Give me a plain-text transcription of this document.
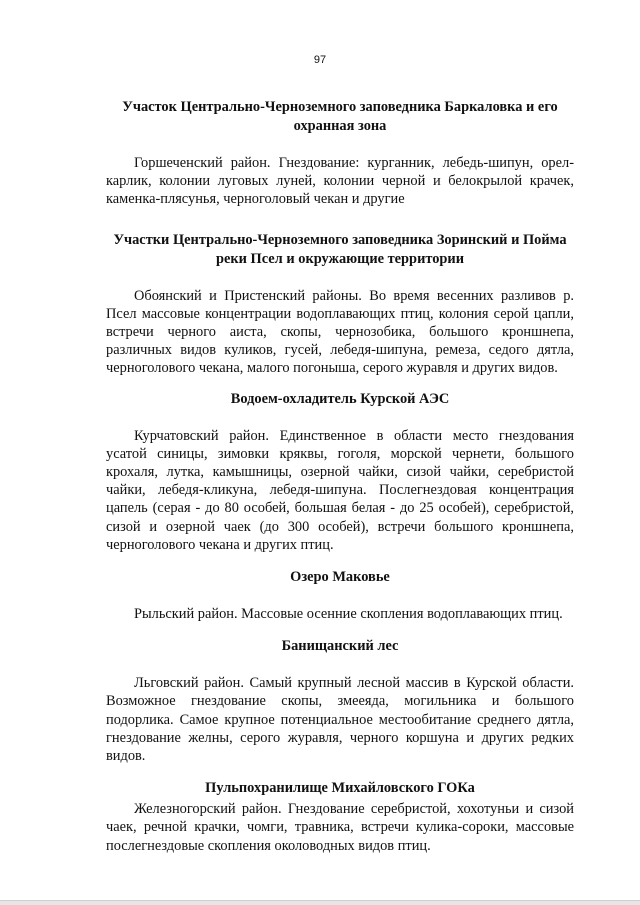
97
Участок Центрально-Черноземного заповедника Баркаловка и его охранная зона

Горшеченский район. Гнездование: курганник, лебедь-шипун, орел-карлик, колонии луговых луней, колонии черной и белокрылой крачек, каменка-плясунья, черноголовый чекан и другие

Участки Центрально-Черноземного заповедника Зоринский и Пойма реки Псел и окружающие территории

Обоянский и Пристенский районы. Во время весенних разливов р. Псел массовые концентрации водоплавающих птиц, колония серой цапли, встречи черного аиста, скопы, чернозобика, большого кроншнепа, различных видов куликов, гусей, лебедя-шипуна, ремеза, седого дятла, черноголового чекана, малого погоныша, серого журавля и других видов.

Водоем-охладитель Курской АЭС

Курчатовский район. Единственное в области место гнездования усатой синицы, зимовки кряквы, гоголя, морской чернети, большого крохаля, лутка, камышницы, озерной чайки, сизой чайки, серебристой чайки, лебедя-кликуна, лебедя-шипуна. Послегнездовая концентрация цапель (серая - до 80 особей, большая белая - до 25 особей), серебристой, сизой и озерной чаек (до 300 особей), встречи большого кроншнепа, черноголового чекана и других птиц.

Озеро Маковье

Рыльский район. Массовые осенние скопления водоплавающих птиц.

Банищанский лес

Льговский район. Самый крупный лесной массив в Курской области. Возможное гнездование скопы, змееяда, могильника и большого подорлика. Самое крупное потенциальное местообитание среднего дятла, гнездование желны, серого журавля, черного коршуна и других редких видов.

Пульпохранилище Михайловского ГОКа

Железногорский район. Гнездование серебристой, хохотуньи и сизой чаек, речной крачки, чомги, травника, встречи кулика-сороки, массовые послегнездовые скопления околоводных видов птиц.
